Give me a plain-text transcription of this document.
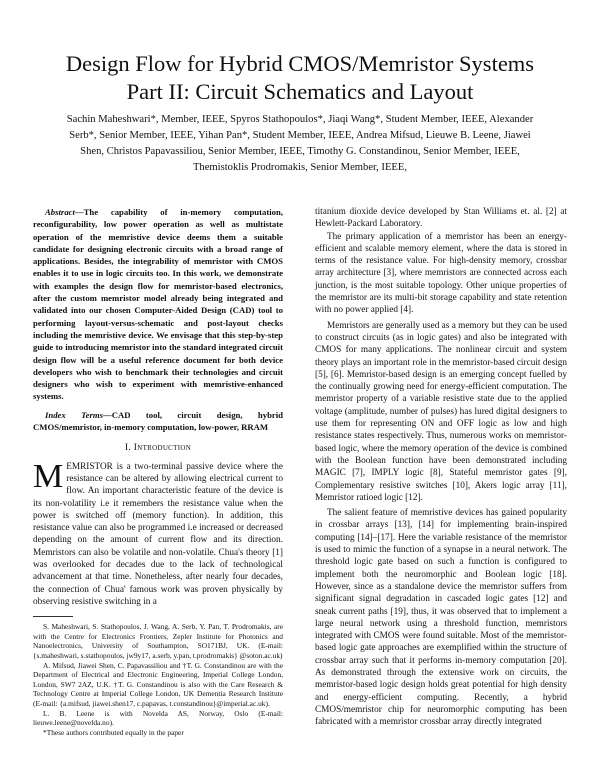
Design Flow for Hybrid CMOS/Memristor Systems
Part II: Circuit Schematics and Layout
Sachin Maheshwari*, Member, IEEE, Spyros Stathopoulos*, Jiaqi Wang*, Student Member, IEEE, Alexander
Serb*, Senior Member, IEEE, Yihan Pan*, Student Member, IEEE, Andrea Mifsud, Lieuwe B. Leene, Jiawei
Shen, Christos Papavassiliou, Senior Member, IEEE, Timothy G. Constandinou, Senior Member, IEEE,
Themistoklis Prodromakis, Senior Member, IEEE,

Abstract—The capability of in-memory computation, reconfigurability, low power operation as well as multistate operation of the memristive device deems them a suitable candidate for designing electronic circuits with a broad range of applications. Besides, the integrability of memristor with CMOS enables it to use in logic circuits too. In this work, we demonstrate with examples the design flow for memristor-based electronics, after the custom memristor model already being integrated and validated into our chosen Computer-Aided Design (CAD) tool to performing layout-versus-schematic and post-layout checks including the memristive device. We envisage that this step-by-step guide to introducing memristor into the standard integrated circuit design flow will be a useful reference document for both device developers who wish to benchmark their technologies and circuit designers who wish to experiment with memristive-enhanced systems.

Index Terms—CAD tool, circuit design, hybrid CMOS/memristor, in-memory computation, low-power, RRAM

I. Introduction

MEMRISTOR is a two-terminal passive device where the resistance can be altered by allowing electrical current to flow. An important characteristic feature of the device is its non-volatility i.e it remembers the resistance value when the power is switched off (memory function). In addition, this resistance value can also be programmed i.e increased or decreased depending on the amount of current flow and its direction. Memristors can also be volatile and non-volatile. Chua's theory [1] was overlooked for decades due to the lack of technological advancement at that time. Nonetheless, after nearly four decades, the connection of Chua' famous work was proven physically by observing resistive switching in a

S. Maheshwari, S. Stathopoulos, J. Wang, A. Serb, Y. Pan, T. Prodromakis, are with the Centre for Electronics Frontiers, Zepler Institute for Photonics and Nanoelectronics, University of Southampton, SO171BJ, UK. (E-mail: {s.maheshwari, s.stathopoulos, jw9y17, a.serb, y.pan, t.prodromakis} @soton.ac.uk)

A. Mifsud, Jiawei Shen, C. Papavassiliou and †T. G. Constandinou are with the Department of Electrical and Electronic Engineering, Imperial College London, London, SW7 2AZ, U.K. †T. G. Constandinou is also with the Care Research & Technology Centre at Imperial College London, UK Dementia Research Institute (E-mail: {a.mifsud, jiawei.shen17, c.papavas, t.constandinou}@imperial.ac.uk).

L. B. Leene is with Novelda AS, Norway, Oslo (E-mail: lieuwe.leene@novelda.no).

*These authors contributed equally in the paper

titanium dioxide device developed by Stan Williams et. al. [2] at Hewlett-Packard Laboratory.

The primary application of a memristor has been an energy-efficient and scalable memory element, where the data is stored in terms of the resistance value. For high-density memory, crossbar array architecture [3], where memristors are connected across each junction, is the most suitable topology. Other unique properties of the memristor are its multi-bit storage capability and state retention with no power applied [4].

Memristors are generally used as a memory but they can be used to construct circuits (as in logic gates) and also be integrated with CMOS for many applications. The nonlinear circuit and system theory plays an important role in the memristor-based circuit design [5], [6]. Memristor-based design is an emerging concept fuelled by the continually growing need for energy-efficient computation. The memristor property of a variable resistive state due to the applied voltage (amplitude, number of pulses) has lured digital designers to use them for representing ON and OFF logic as low and high resistance states respectively. Thus, numerous works on memristor-based logic, where the memory operation of the device is combined with the Boolean function have been demonstrated including MAGIC [7], IMPLY logic [8], Stateful memristor gates [9], Complementary resistive switches [10], Akers logic array [11], Memristor ratioed logic [12].

The salient feature of memristive devices has gained popularity in crossbar arrays [13], [14] for implementing brain-inspired computing [14]–[17]. Here the variable resistance of the memristor is used to mimic the function of a synapse in a neural network. The threshold logic gate based on such a function is configured to implement both the neuromorphic and Boolean logic [18]. However, since as a standalone device the memristor suffers from significant signal degradation in cascaded logic gates [12] and sneak current paths [19], thus, it was observed that to implement a large neural network using a threshold function, memristors integrated with CMOS were found suitable. Most of the memristor-based logic gate approaches are exemplified within the structure of crossbar array such that it performs in-memory computation [20]. As demonstrated through the extensive work on circuits, the memristor-based logic design holds great potential for high density and energy-efficient computing. Recently, a hybrid CMOS/memristor chip for neuromorphic computing has been fabricated with a memristor crossbar array directly integrated
